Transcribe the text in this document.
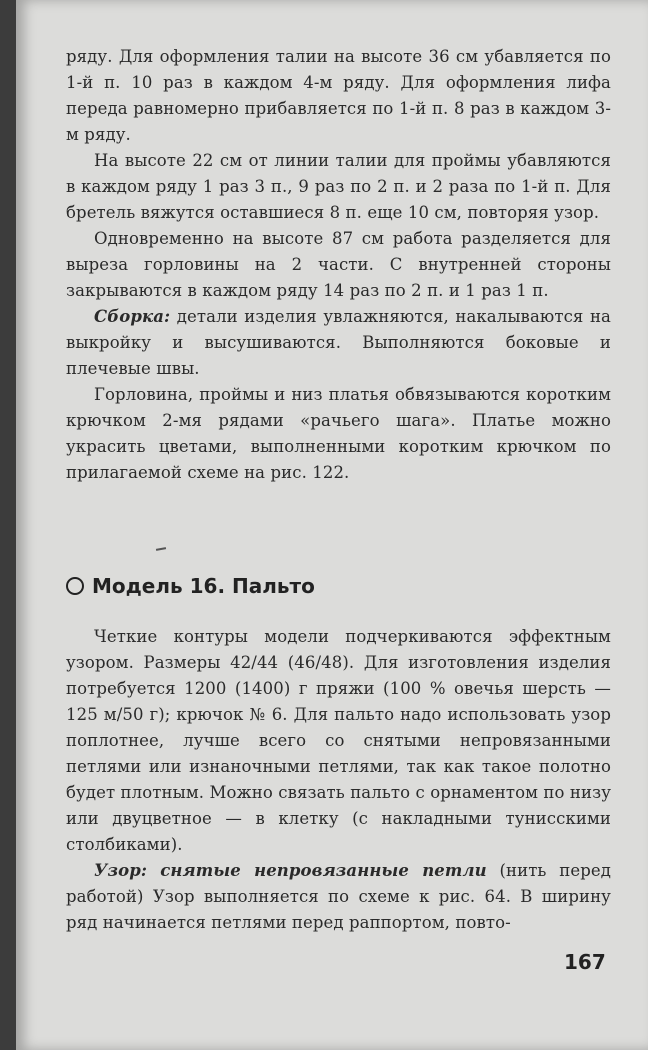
ряду. Для оформления талии на высоте 36 см убавляется по 1-й п. 10 раз в каждом 4-м ряду. Для оформления лифа переда равномерно прибавляется по 1-й п. 8 раз в каждом 3-м ряду.

На высоте 22 см от линии талии для проймы убавляются в каждом ряду 1 раз 3 п., 9 раз по 2 п. и 2 раза по 1-й п. Для бретель вяжутся оставшиеся 8 п. еще 10 см, повторяя узор.

Одновременно на высоте 87 см работа разделяется для выреза горловины на 2 части. С внутренней стороны закрываются в каждом ряду 14 раз по 2 п. и 1 раз 1 п.

Сборка: детали изделия увлажняются, накалываются на выкройку и высушиваются. Выполняются боковые и плечевые швы.

Горловина, проймы и низ платья обвязываются коротким крючком 2-мя рядами «рачьего шага». Платье можно украсить цветами, выполненными коротким крючком по прилагаемой схеме на рис. 122.

Модель 16. Пальто

Четкие контуры модели подчеркиваются эффектным узором. Размеры 42/44 (46/48). Для изготовления изделия потребуется 1200 (1400) г пряжи (100 % овечья шерсть — 125 м/50 г); крючок № 6. Для пальто надо использовать узор поплотнее, лучше всего со снятыми непровязанными петлями или изнаночными петлями, так как такое полотно будет плотным. Можно связать пальто с орнаментом по низу или двуцветное — в клетку (с накладными тунисскими столбиками).

Узор: снятые непровязанные петли (нить перед работой) Узор выполняется по схеме к рис. 64. В ширину ряд начинается петлями перед раппортом, повто-

167
